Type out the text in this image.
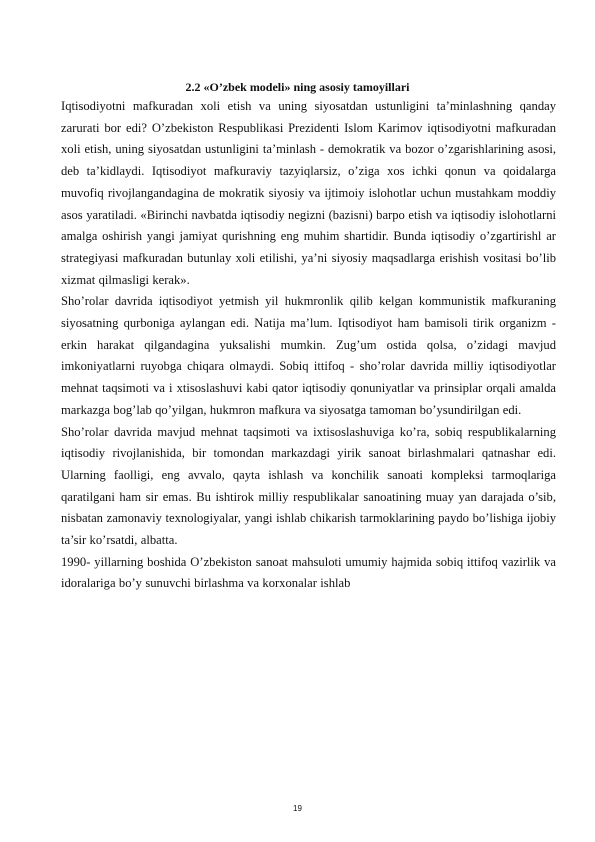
2.2 «O’zbek modeli» ning asosiy tamoyillari

Iqtisodiyotni mafkuradan xoli etish va uning siyosatdan ustunligini ta’minlashning qanday zarurati bor edi? O’zbekiston Respublikasi Prezidenti Islom Karimov iqtisodiyotni mafkuradan xoli etish, uning siyosatdan ustunligini ta’minlash - demokratik va bozor o’zgarishlarining asosi, deb ta’kidlaydi. Iqtisodiyot mafkuraviy tazyiqlarsiz, o’ziga xos ichki qonun va qoidalarga muvofiq rivojlangandagina de mokratik siyosiy va ijtimoiy islohotlar uchun mustahkam moddiy asos yaratiladi. «Birinchi navbatda iqtisodiy negizni (bazisni) barpo etish va iqtisodiy islohotlarni amalga oshirish yangi jamiyat qurishning eng muhim shartidir. Bunda iqtisodiy o’zgartirishl ar strategiyasi mafkuradan butunlay xoli etilishi, ya’ni siyosiy maqsadlarga erishish vositasi bo’lib xizmat qilmasligi kerak».

Sho’rolar davrida iqtisodiyot yetmish yil hukmronlik qilib kelgan kommunistik mafkuraning siyosatning qurboniga aylangan edi. Natija ma’lum. Iqtisodiyot ham bamisoli tirik organizm - erkin harakat qilgandagina yuksalishi mumkin. Zug’um ostida qolsa, o’zidagi mavjud imkoniyatlarni ruyobga chiqara olmaydi. Sobiq ittifoq - sho’rolar davrida milliy iqtisodiyotlar mehnat taqsimoti va i xtisoslashuvi kabi qator iqtisodiy qonuniyatlar va prinsiplar orqali amalda markazga bog’lab qo’yilgan, hukmron mafkura va siyosatga tamoman bo’ysundirilgan edi.

Sho’rolar davrida mavjud mehnat taqsimoti va ixtisoslashuviga ko’ra, sobiq respublikalarning iqtisodiy rivojlanishida, bir tomondan markazdagi yirik sanoat birlashmalari qatnashar edi. Ularning faolligi, eng avvalo, qayta ishlash va konchilik sanoati kompleksi tarmoqlariga qaratilgani ham sir emas. Bu ishtirok milliy respublikalar sanoatining muay yan darajada o’sib, nisbatan zamonaviy texnologiyalar, yangi ishlab chikarish tarmoklarining paydo bo’lishiga ijobiy ta’sir ko’rsatdi, albatta.

1990- yillarning boshida O’zbekiston sanoat mahsuloti umumiy hajmida sobiq ittifoq vazirlik va idoralariga bo’y sunuvchi birlashma va korxonalar ishlab

19
